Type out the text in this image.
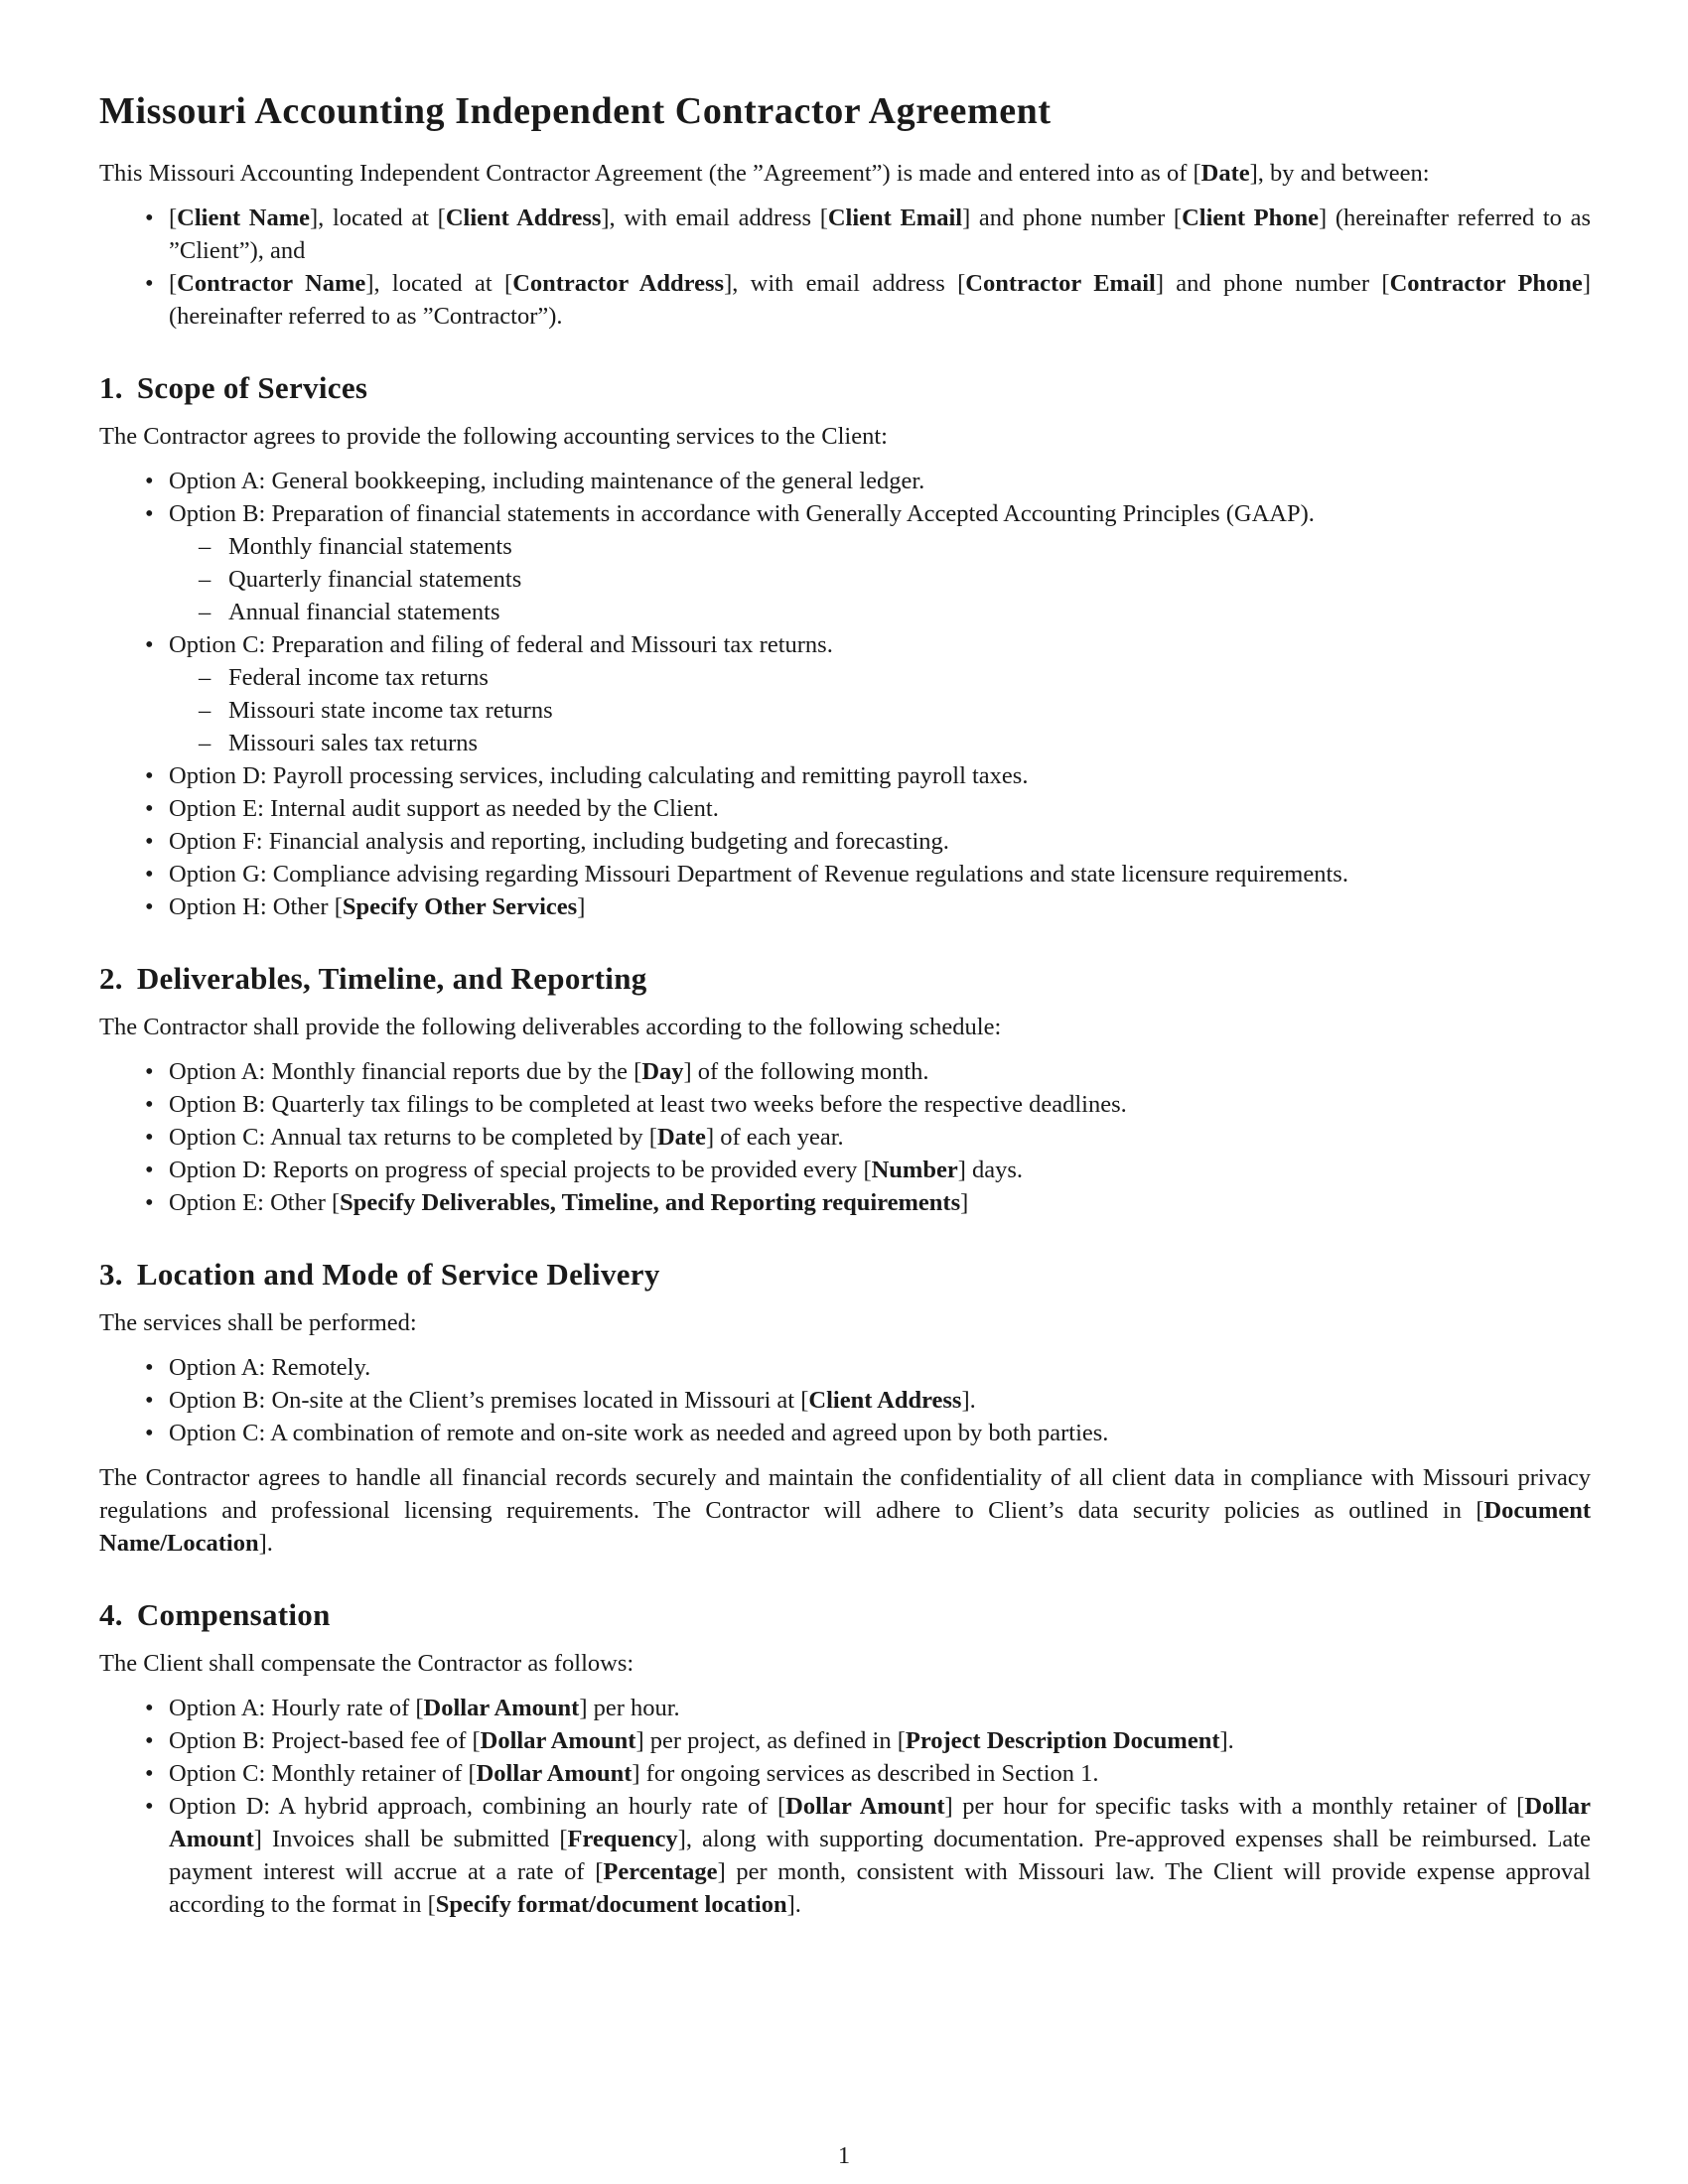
Missouri Accounting Independent Contractor Agreement

This Missouri Accounting Independent Contractor Agreement (the ”Agreement”) is made and entered into as of [Date], by and between:

• [Client Name], located at [Client Address], with email address [Client Email] and phone number [Client Phone] (hereinafter referred to as ”Client”), and
• [Contractor Name], located at [Contractor Address], with email address [Contractor Email] and phone number [Contractor Phone] (hereinafter referred to as ”Contractor”).
1. Scope of Services

The Contractor agrees to provide the following accounting services to the Client:

• Option A: General bookkeeping, including maintenance of the general ledger.
• Option B: Preparation of financial statements in accordance with Generally Accepted Accounting Principles (GAAP).
– Monthly financial statements
– Quarterly financial statements
– Annual financial statements
• Option C: Preparation and filing of federal and Missouri tax returns.
– Federal income tax returns
– Missouri state income tax returns
– Missouri sales tax returns
• Option D: Payroll processing services, including calculating and remitting payroll taxes.
• Option E: Internal audit support as needed by the Client.
• Option F: Financial analysis and reporting, including budgeting and forecasting.
• Option G: Compliance advising regarding Missouri Department of Revenue regulations and state licensure requirements.
• Option H: Other [Specify Other Services]
2. Deliverables, Timeline, and Reporting

The Contractor shall provide the following deliverables according to the following schedule:

• Option A: Monthly financial reports due by the [Day] of the following month.
• Option B: Quarterly tax filings to be completed at least two weeks before the respective deadlines.
• Option C: Annual tax returns to be completed by [Date] of each year.
• Option D: Reports on progress of special projects to be provided every [Number] days.
• Option E: Other [Specify Deliverables, Timeline, and Reporting requirements]
3. Location and Mode of Service Delivery

The services shall be performed:

• Option A: Remotely.
• Option B: On-site at the Client’s premises located in Missouri at [Client Address].
• Option C: A combination of remote and on-site work as needed and agreed upon by both parties.

The Contractor agrees to handle all financial records securely and maintain the confidentiality of all client data in compliance with Missouri privacy regulations and professional licensing requirements. The Contractor will adhere to Client’s data security policies as outlined in [Document Name/Location].

4. Compensation

The Client shall compensate the Contractor as follows:

• Option A: Hourly rate of [Dollar Amount] per hour.
• Option B: Project-based fee of [Dollar Amount] per project, as defined in [Project Description Document].
• Option C: Monthly retainer of [Dollar Amount] for ongoing services as described in Section 1.
• Option D: A hybrid approach, combining an hourly rate of [Dollar Amount] per hour for specific tasks with a monthly retainer of [Dollar Amount] Invoices shall be submitted [Frequency], along with supporting documentation. Pre-approved expenses shall be reimbursed. Late payment interest will accrue at a rate of [Percentage] per month, consistent with Missouri law. The Client will provide expense approval according to the format in [Specify format/document location].
1
